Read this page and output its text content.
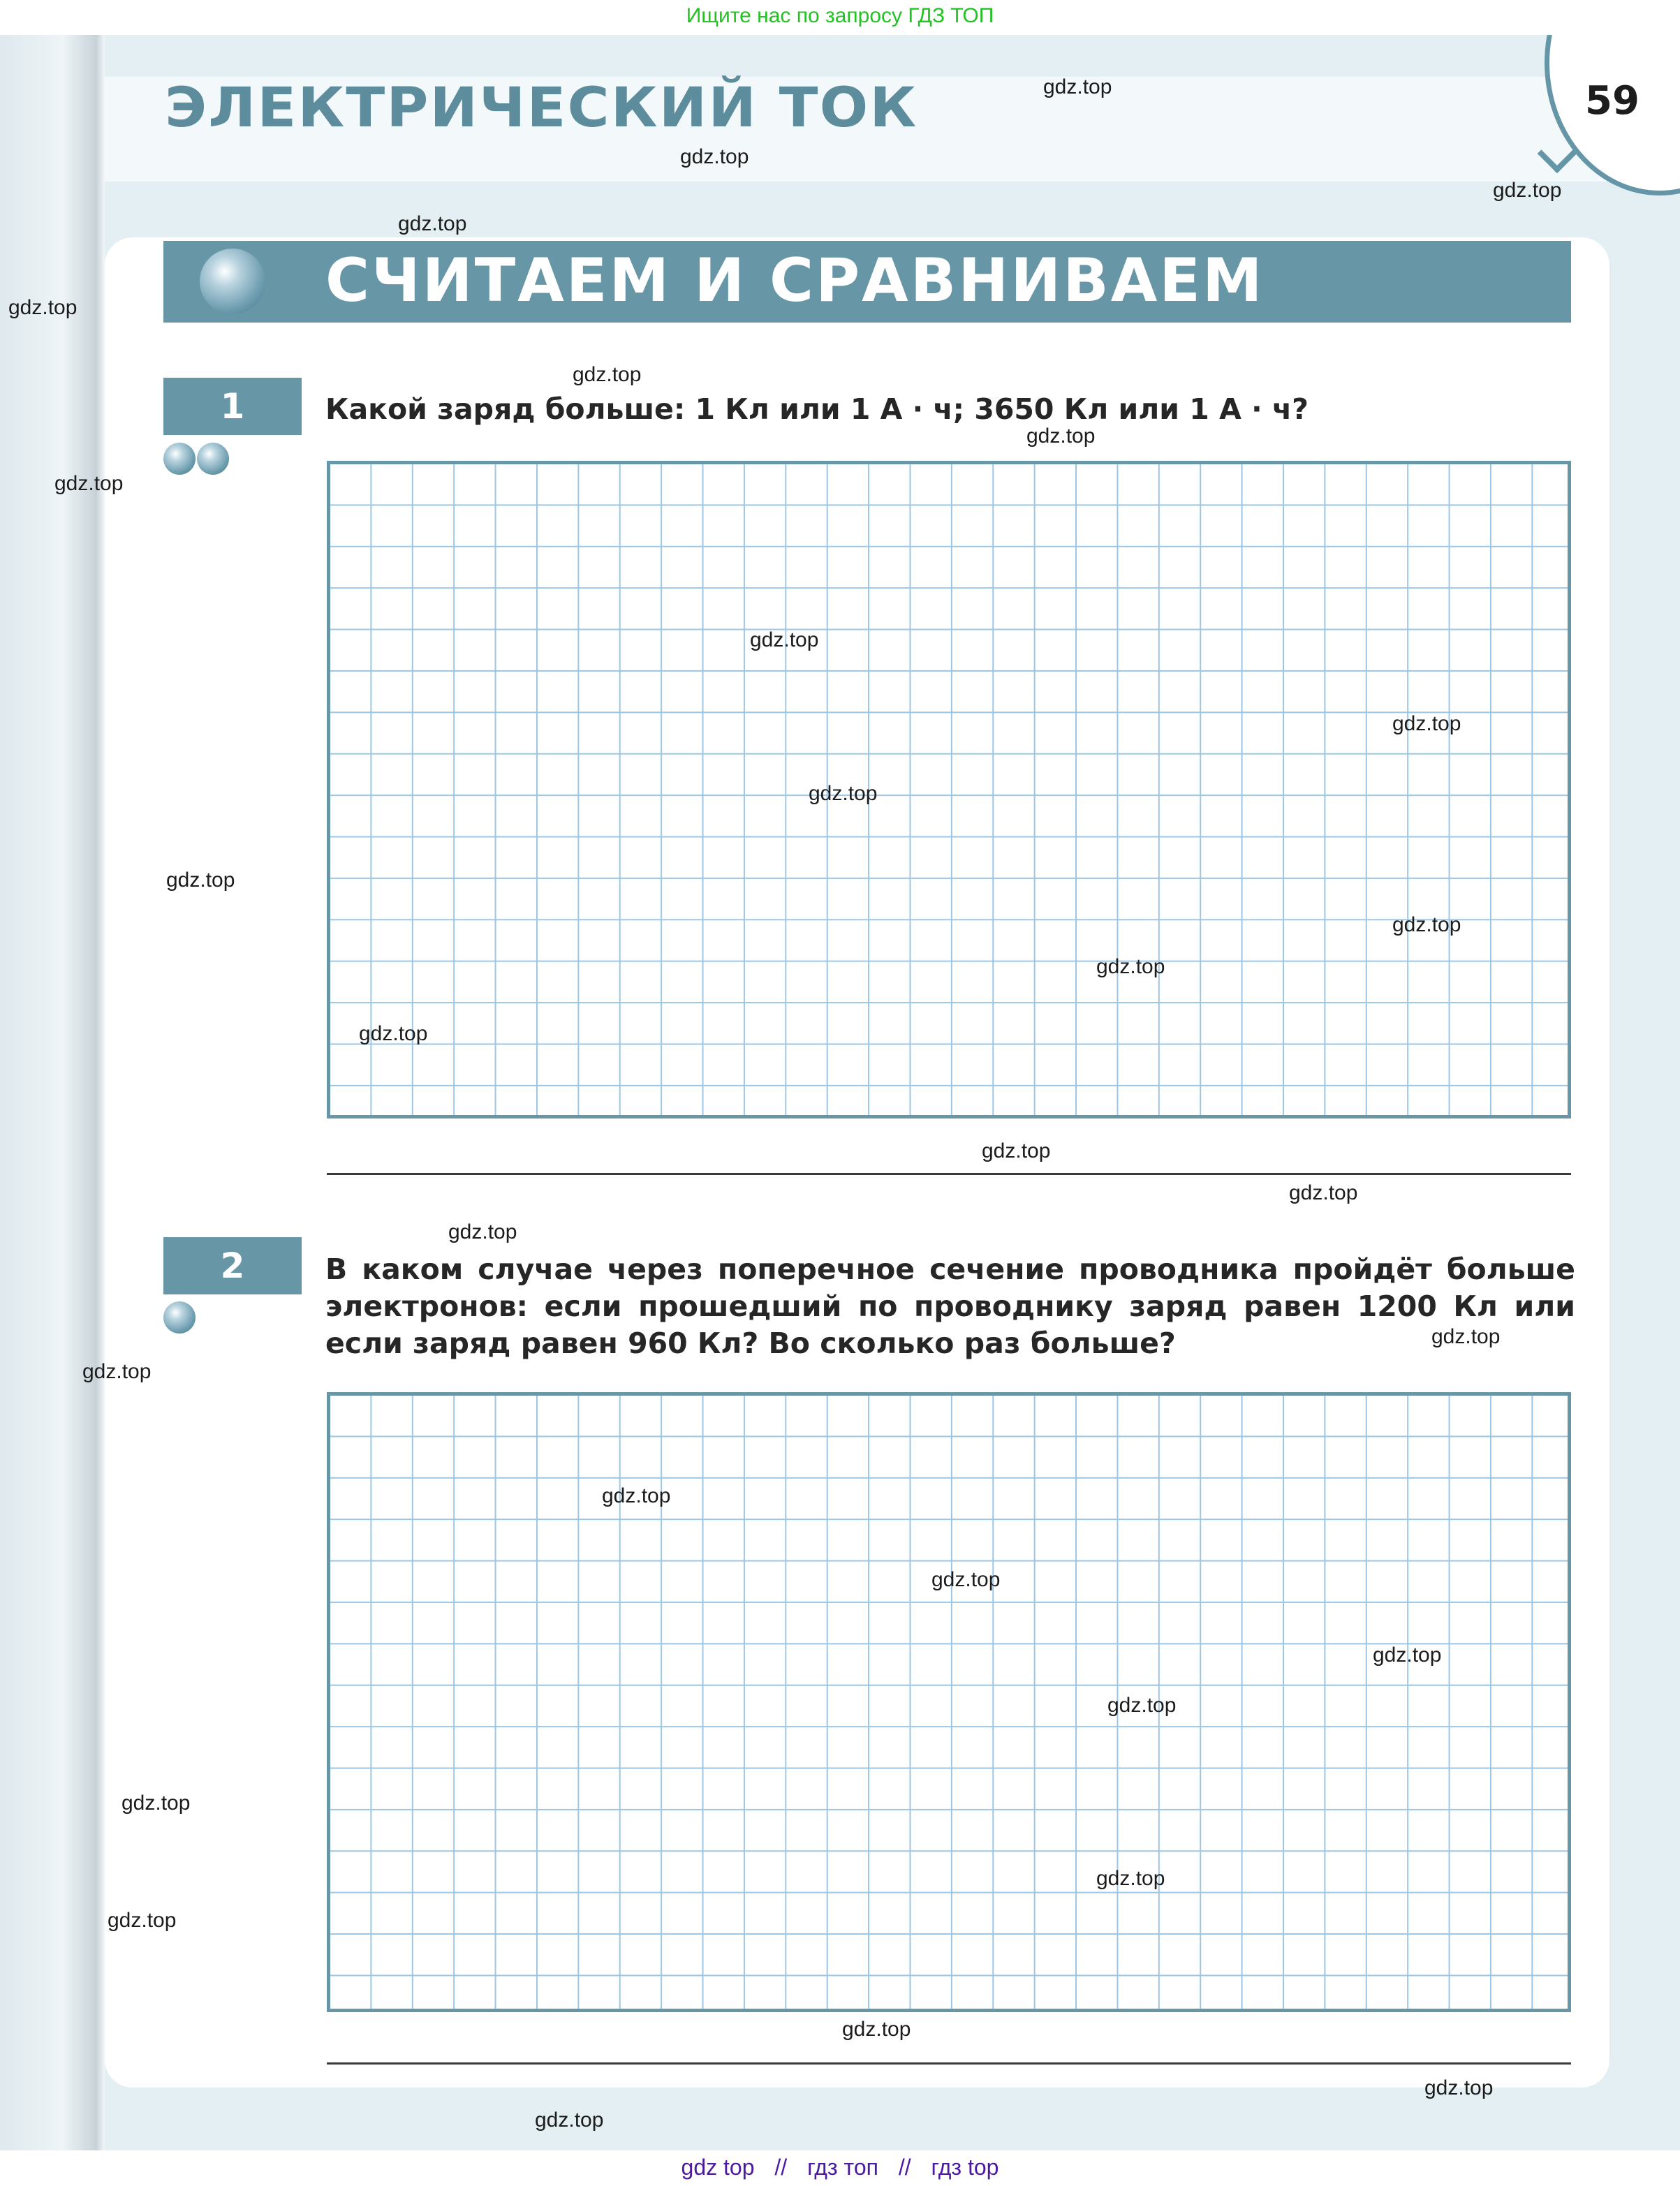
Ищите нас по запросу ГДЗ ТОП
ЭЛЕКТРИЧЕСКИЙ ТОК	59
СЧИТАЕМ И СРАВНИВАЕМ
1	Какой заряд больше: 1 Кл или 1 А · ч; 3650 Кл или 1 А · ч?
2	В каком случае через поперечное сечение проводника пройдёт больше электронов: если прошедший по проводнику заряд равен 1200 Кл или если заряд равен 960 Кл? Во сколько раз больше?
gdz.top
gdz.top
gdz.top
gdz.top
gdz.top
gdz.top
gdz.top
gdz.top
gdz.top
gdz.top
gdz.top
gdz.top
gdz.top
gdz.top
gdz.top
gdz.top
gdz.top
gdz.top
gdz.top
gdz.top
gdz.top
gdz.top
gdz.top
gdz.top
gdz.top
gdz.top
gdz.top
gdz.top
gdz.top
gdz.top
gdz top // гдз топ // гдз top
